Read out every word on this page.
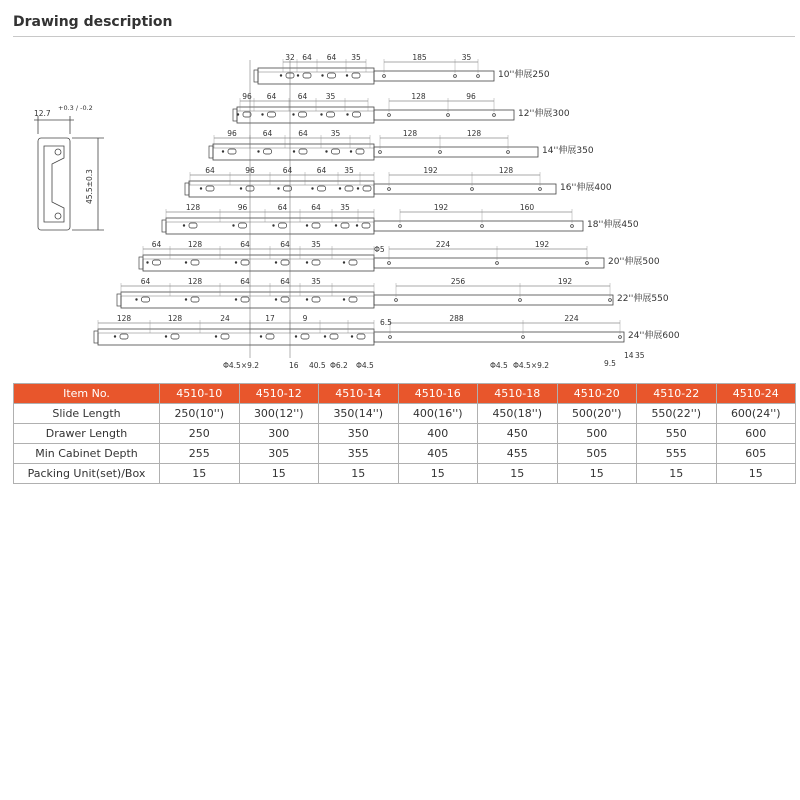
Drawing description
12.7
+0.3 / -0.2
45.5±0.3
32 64 64 35	185	35
10''伸展250
96 64	64 35	128	96
12''伸展300
96	64	64	35	128	128
14''伸展350
64	96	64	64 35	192	128
16''伸展400
128	96	64	64	35	192	160
18''伸展450
64	128	64	64	35	224	192
20''伸展500
64	128	64	64	35	256	192
22''伸展550
128	128	24	17	9	288	224
24''伸展600
Φ5
6.5
Φ4.5×9.2	16 40.5 Φ6.2 Φ4.5	Φ4.5 Φ4.5×9.2	9.5
14 35
Item No.	4510-10	4510-12	4510-14	4510-16	4510-18	4510-20	4510-22	4510-24
Slide Length	250(10'')	300(12'')	350(14'')	400(16'')	450(18'')	500(20'')	550(22'')	600(24'')
Drawer Length	250	300	350	400	450	500	550	600
Min Cabinet Depth	255	305	355	405	455	505	555	605
Packing Unit(set)/Box	15	15	15	15	15	15	15	15
